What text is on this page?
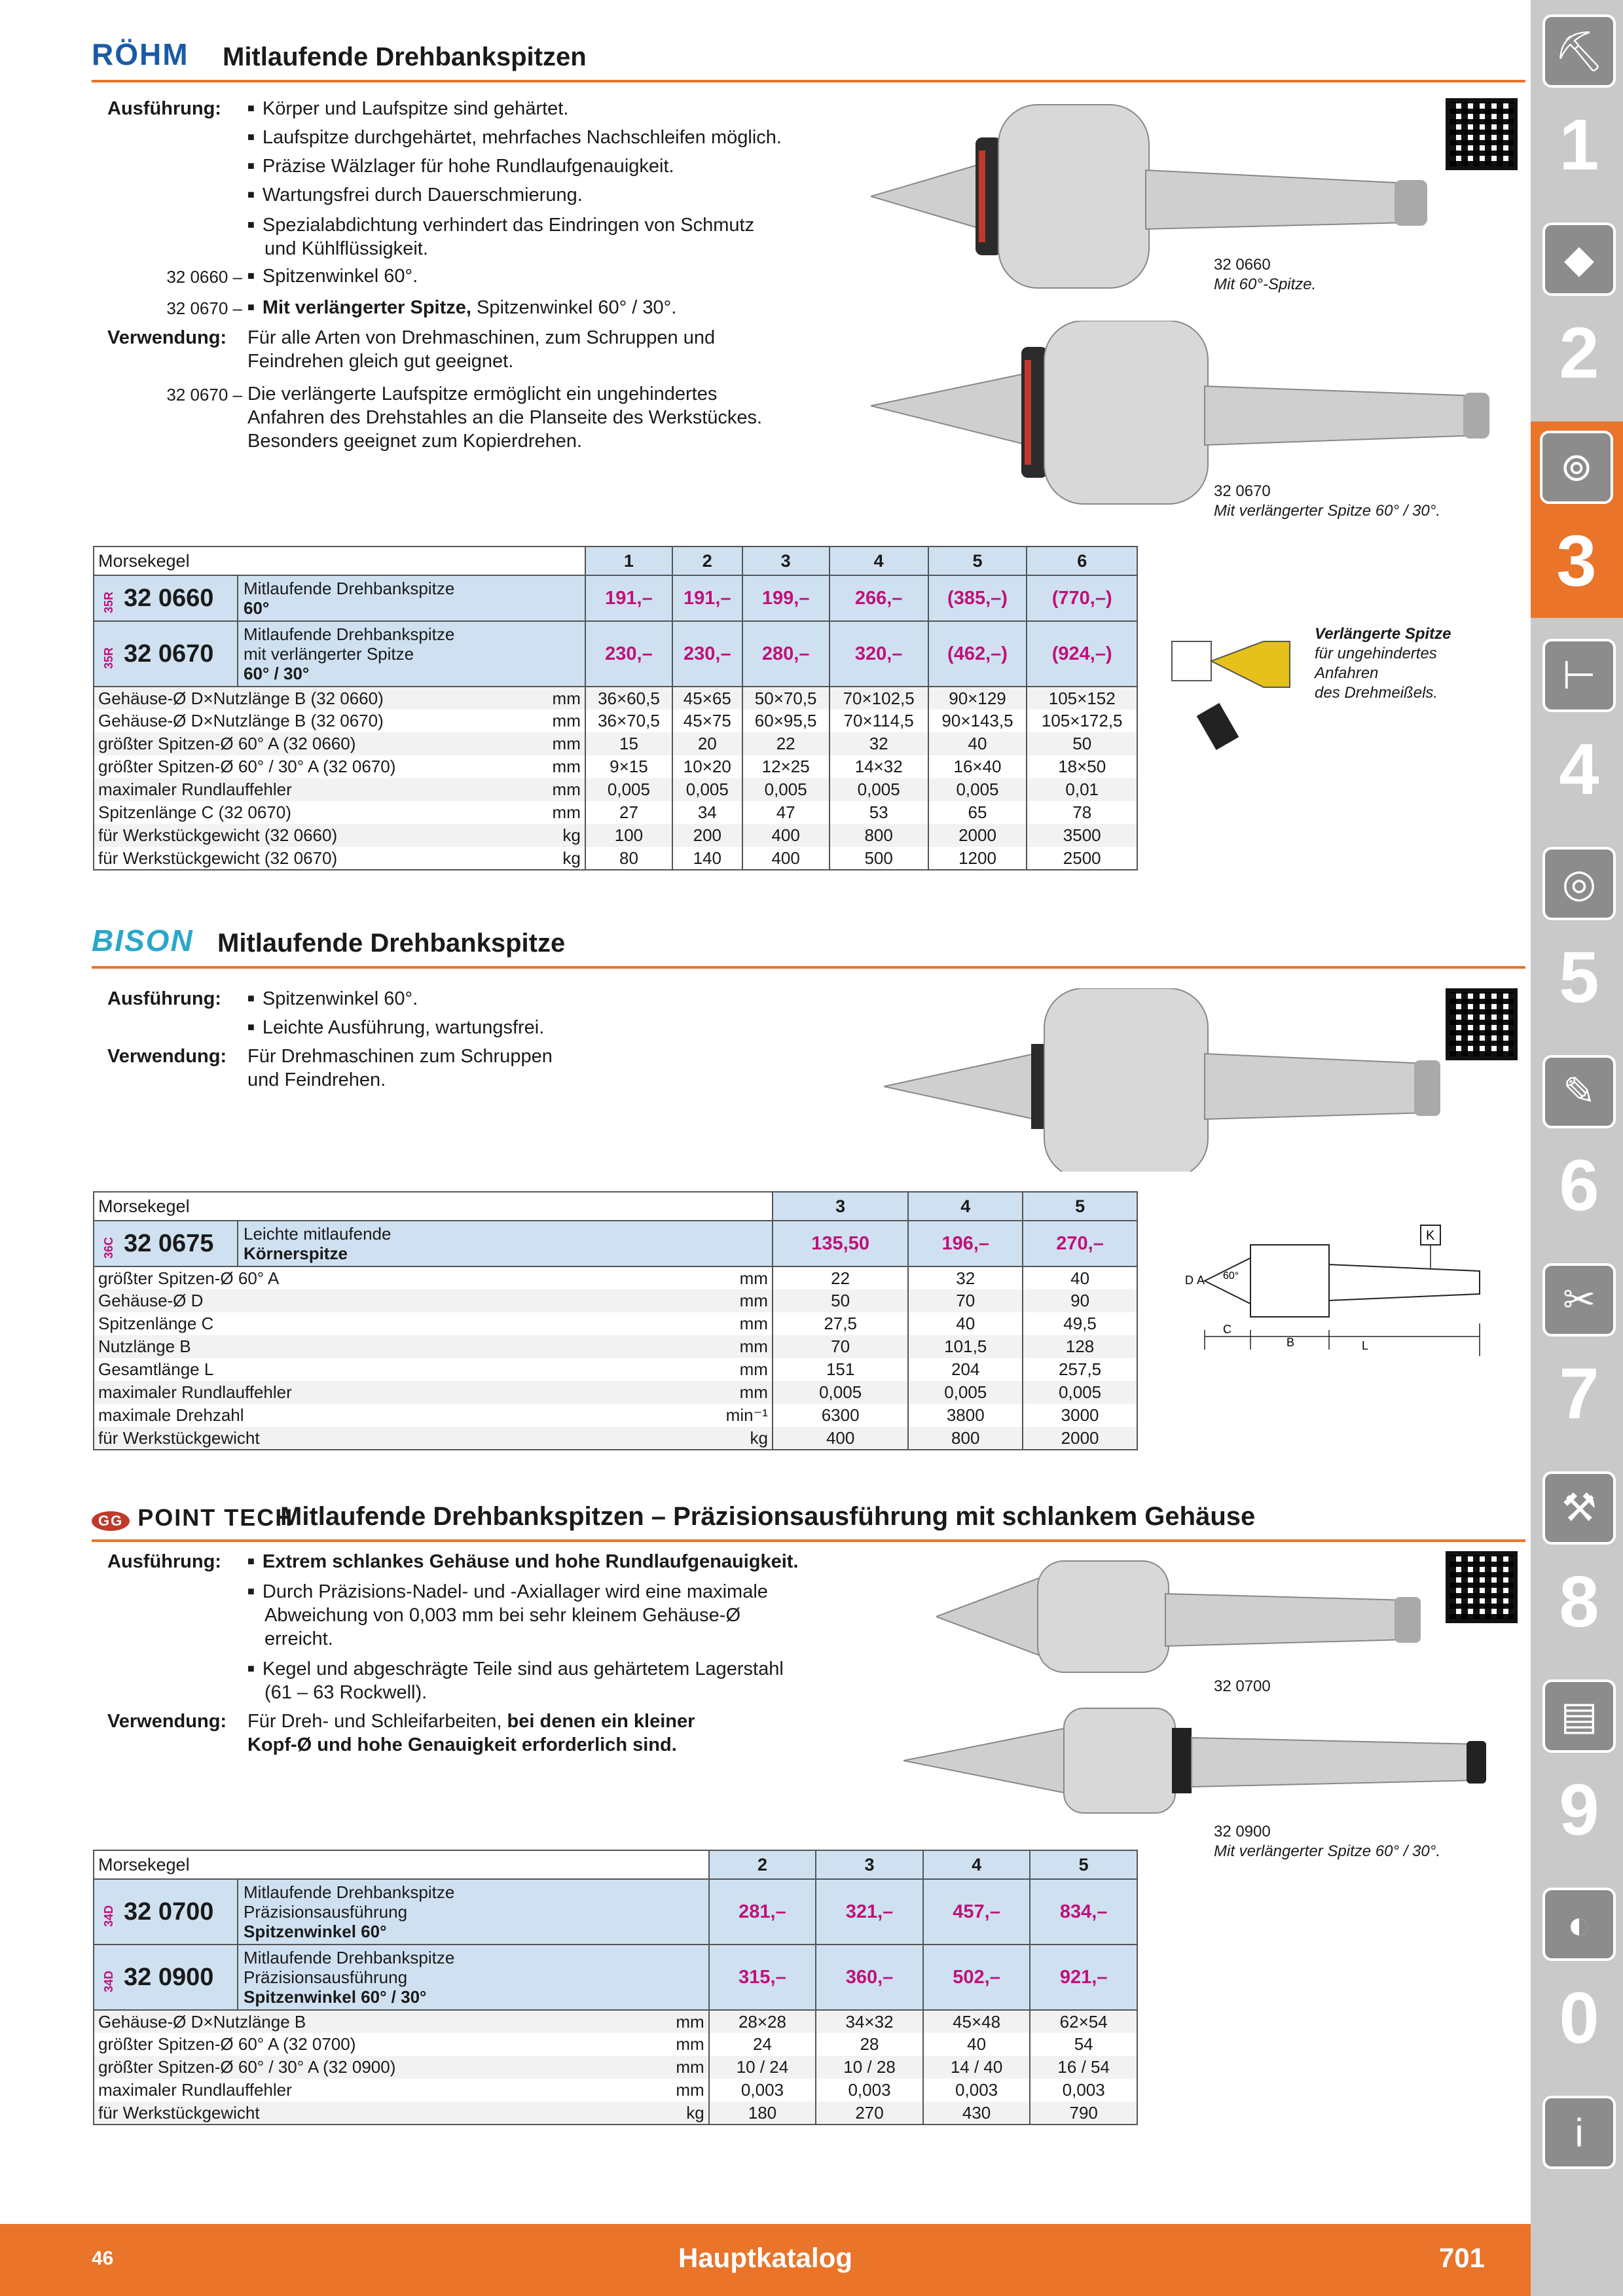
RÖHM Mitlaufende Drehbankspitzen
Ausführung:	■ Körper und Laufspitze sind gehärtet.
■ Laufspitze durchgehärtet, mehrfaches Nachschleifen möglich.
■ Präzise Wälzlager für hohe Rundlaufgenauigkeit.
■ Wartungsfrei durch Dauerschmierung.
■ Spezialabdichtung verhindert das Eindringen von Schmutz
und Kühlflüssigkeit.
32 0660 –	■ Spitzenwinkel 60°.
32 0670 –	■ Mit verlängerter Spitze, Spitzenwinkel 60° / 30°.
Verwendung: Für alle Arten von Drehmaschinen, zum Schruppen und
Feindrehen gleich gut geeignet.
32 0670 – Die verlängerte Laufspitze ermöglicht ein ungehindertes
Anfahren des Drehstahles an die Planseite des Werkstückes.
Besonders geeignet zum Kopierdrehen.
32 0660
Mit 60°-Spitze.
32 0670
Mit verlängerter Spitze 60° / 30°.
Verlängerte Spitze
für ungehindertes
Anfahren
des Drehmeißels.
Morsekegel			1	2	3	4	5	6
35R 32 0660	Mitlaufende Drehbankspitze
60°		191,–	191,–	199,–	266,–	(385,–)	(770,–)
35R 32 0670	Mitlaufende Drehbankspitze
mit verlängerter Spitze
60° / 30°		230,–	230,–	280,–	320,–	(462,–)	(924,–)
Gehäuse-Ø D×Nutzlänge B (32 0660)		mm	36×60,5	45×65	50×70,5	70×102,5	90×129	105×152
Gehäuse-Ø D×Nutzlänge B (32 0670)		mm	36×70,5	45×75	60×95,5	70×114,5	90×143,5	105×172,5
größter Spitzen-Ø 60° A (32 0660)		mm	15	20	22	32	40	50
größter Spitzen-Ø 60° / 30° A (32 0670)		mm	9×15	10×20	12×25	14×32	16×40	18×50
maximaler Rundlauffehler		mm	0,005	0,005	0,005	0,005	0,005	0,01
Spitzenlänge C (32 0670)		mm	27	34	47	53	65	78
für Werkstückgewicht (32 0660)		kg	100	200	400	800	2000	3500
für Werkstückgewicht (32 0670)		kg	80	140	400	500	1200	2500
BISON Mitlaufende Drehbankspitze
Ausführung:	■ Spitzenwinkel 60°.
■ Leichte Ausführung, wartungsfrei.
Verwendung: Für Drehmaschinen zum Schruppen
und Feindrehen.
K
D A 60°
C
B	L
Morsekegel			3	4	5
36C 32 0675	Leichte mitlaufende
Körnerspitze		135,50	196,–	270,–
größter Spitzen-Ø 60° A		mm	22	32	40
Gehäuse-Ø D		mm	50	70	90
Spitzenlänge C		mm	27,5	40	49,5
Nutzlänge B		mm	70	101,5	128
Gesamtlänge L		mm	151	204	257,5
maximaler Rundlauffehler		mm	0,005	0,005	0,005
maximale Drehzahl		min⁻¹	6300	3800	3000
für Werkstückgewicht		kg	400	800	2000
GG POINT TECH
Mitlaufende Drehbankspitzen – Präzisionsausführung mit schlankem Gehäuse
Ausführung:	■ Extrem schlankes Gehäuse und hohe Rundlaufgenauigkeit.
■ Durch Präzisions-Nadel- und -Axiallager wird eine maximale
Abweichung von 0,003 mm bei sehr kleinem Gehäuse-Ø
erreicht.
■ Kegel und abgeschrägte Teile sind aus gehärtetem Lagerstahl
(61 – 63 Rockwell).
Verwendung: Für Dreh- und Schleifarbeiten, bei denen ein kleiner
Kopf-Ø und hohe Genauigkeit erforderlich sind.
32 0700
32 0900
Mit verlängerter Spitze 60° / 30°.
Morsekegel			2	3	4	5
34D 32 0700	Mitlaufende Drehbankspitze
Präzisionsausführung
Spitzenwinkel 60°		281,–	321,–	457,–	834,–
34D 32 0900	Mitlaufende Drehbankspitze
Präzisionsausführung
Spitzenwinkel 60° / 30°		315,–	360,–	502,–	921,–
Gehäuse-Ø D×Nutzlänge B		mm	28×28	34×32	45×48	62×54
größter Spitzen-Ø 60° A (32 0700)		mm	24	28	40	54
größter Spitzen-Ø 60° / 30° A (32 0900)		mm	10 / 24	10 / 28	14 / 40	16 / 54
maximaler Rundlauffehler		mm	0,003	0,003	0,003	0,003
für Werkstückgewicht		kg	180	270	430	790
⛏
1
◆
2
⊚
3
⊢
4
◎
5
✎
6
✂
7
⚒
8
▤
9
◐
0
i
46	Hauptkatalog	701
